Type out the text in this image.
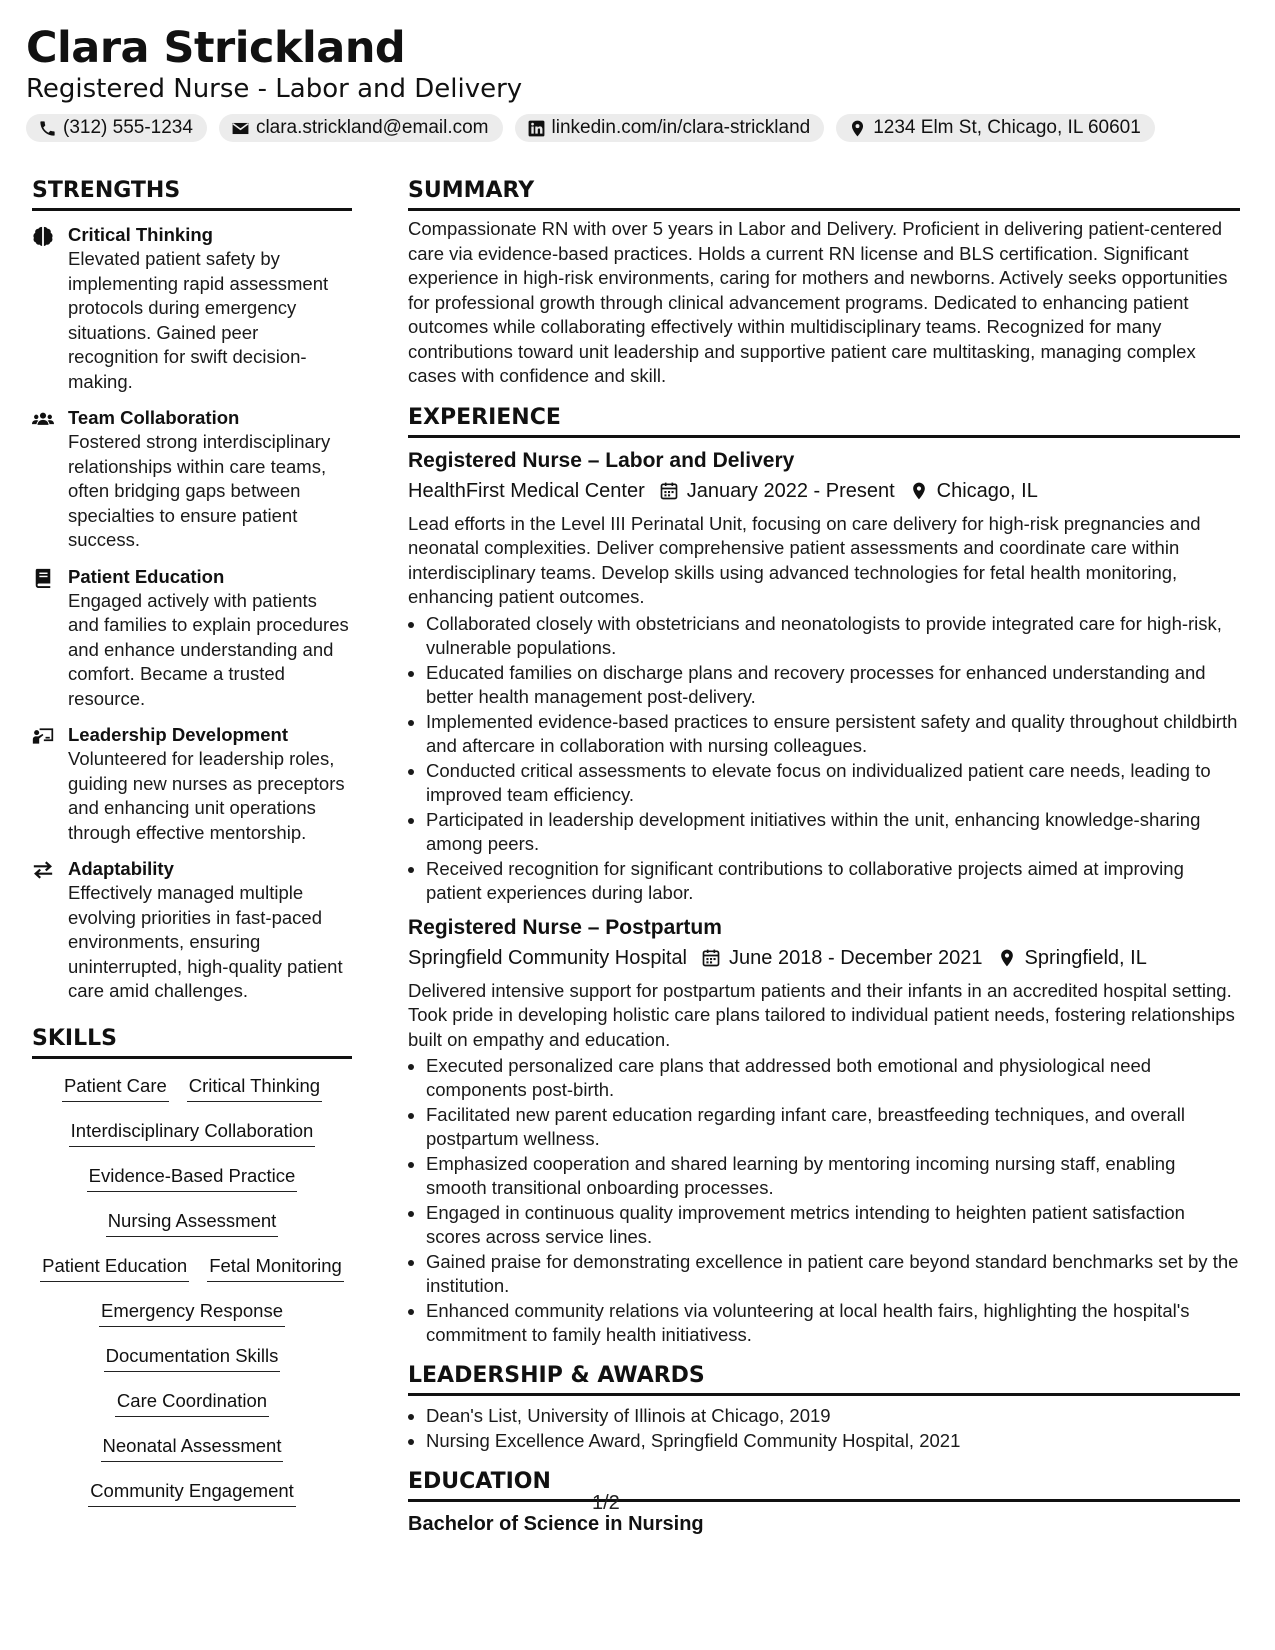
Clara Strickland
Registered Nurse - Labor and Delivery
(312) 555-1234	clara.strickland@email.com	linkedin.com/in/clara-strickland	1234 Elm St, Chicago, IL 60601
STRENGTHS
Critical Thinking
Elevated patient safety by implementing rapid assessment protocols during emergency situations. Gained peer recognition for swift decision-making.
Team Collaboration
Fostered strong interdisciplinary relationships within care teams, often bridging gaps between specialties to ensure patient success.
Patient Education
Engaged actively with patients and families to explain procedures and enhance understanding and comfort. Became a trusted resource.
Leadership Development
Volunteered for leadership roles, guiding new nurses as preceptors and enhancing unit operations through effective mentorship.
Adaptability
Effectively managed multiple evolving priorities in fast-paced environments, ensuring uninterrupted, high-quality patient care amid challenges.
SKILLS
Patient Care Critical Thinking
Interdisciplinary Collaboration
Evidence-Based Practice
Nursing Assessment
Patient Education Fetal Monitoring
Emergency Response
Documentation Skills
Care Coordination
Neonatal Assessment
Community Engagement
SUMMARY

Compassionate RN with over 5 years in Labor and Delivery. Proficient in delivering patient-centered care via evidence-based practices. Holds a current RN license and BLS certification. Significant experience in high-risk environments, caring for mothers and newborns. Actively seeks opportunities for professional growth through clinical advancement programs. Dedicated to enhancing patient outcomes while collaborating effectively within multidisciplinary teams. Recognized for many contributions toward unit leadership and supportive patient care multitasking, managing complex cases with confidence and skill.

EXPERIENCE
Registered Nurse – Labor and Delivery
HealthFirst Medical Center January 2022 - Present Chicago, IL

Lead efforts in the Level III Perinatal Unit, focusing on care delivery for high-risk pregnancies and neonatal complexities. Deliver comprehensive patient assessments and coordinate care within interdisciplinary teams. Develop skills using advanced technologies for fetal health monitoring, enhancing patient outcomes.

• Collaborated closely with obstetricians and neonatologists to provide integrated care for high-risk, vulnerable populations.
• Educated families on discharge plans and recovery processes for enhanced understanding and better health management post-delivery.
• Implemented evidence-based practices to ensure persistent safety and quality throughout childbirth and aftercare in collaboration with nursing colleagues.
• Conducted critical assessments to elevate focus on individualized patient care needs, leading to improved team efficiency.
• Participated in leadership development initiatives within the unit, enhancing knowledge-sharing among peers.
• Received recognition for significant contributions to collaborative projects aimed at improving patient experiences during labor.
Registered Nurse – Postpartum
Springfield Community Hospital June 2018 - December 2021 Springfield, IL

Delivered intensive support for postpartum patients and their infants in an accredited hospital setting. Took pride in developing holistic care plans tailored to individual patient needs, fostering relationships built on empathy and education.

• Executed personalized care plans that addressed both emotional and physiological need components post-birth.
• Facilitated new parent education regarding infant care, breastfeeding techniques, and overall postpartum wellness.
• Emphasized cooperation and shared learning by mentoring incoming nursing staff, enabling smooth transitional onboarding processes.
• Engaged in continuous quality improvement metrics intending to heighten patient satisfaction scores across service lines.
• Gained praise for demonstrating excellence in patient care beyond standard benchmarks set by the institution.
• Enhanced community relations via volunteering at local health fairs, highlighting the hospital's commitment to family health initiativess.
LEADERSHIP & AWARDS
• Dean's List, University of Illinois at Chicago, 2019
• Nursing Excellence Award, Springfield Community Hospital, 2021
EDUCATION
Bachelor of Science in Nursing
1/2
